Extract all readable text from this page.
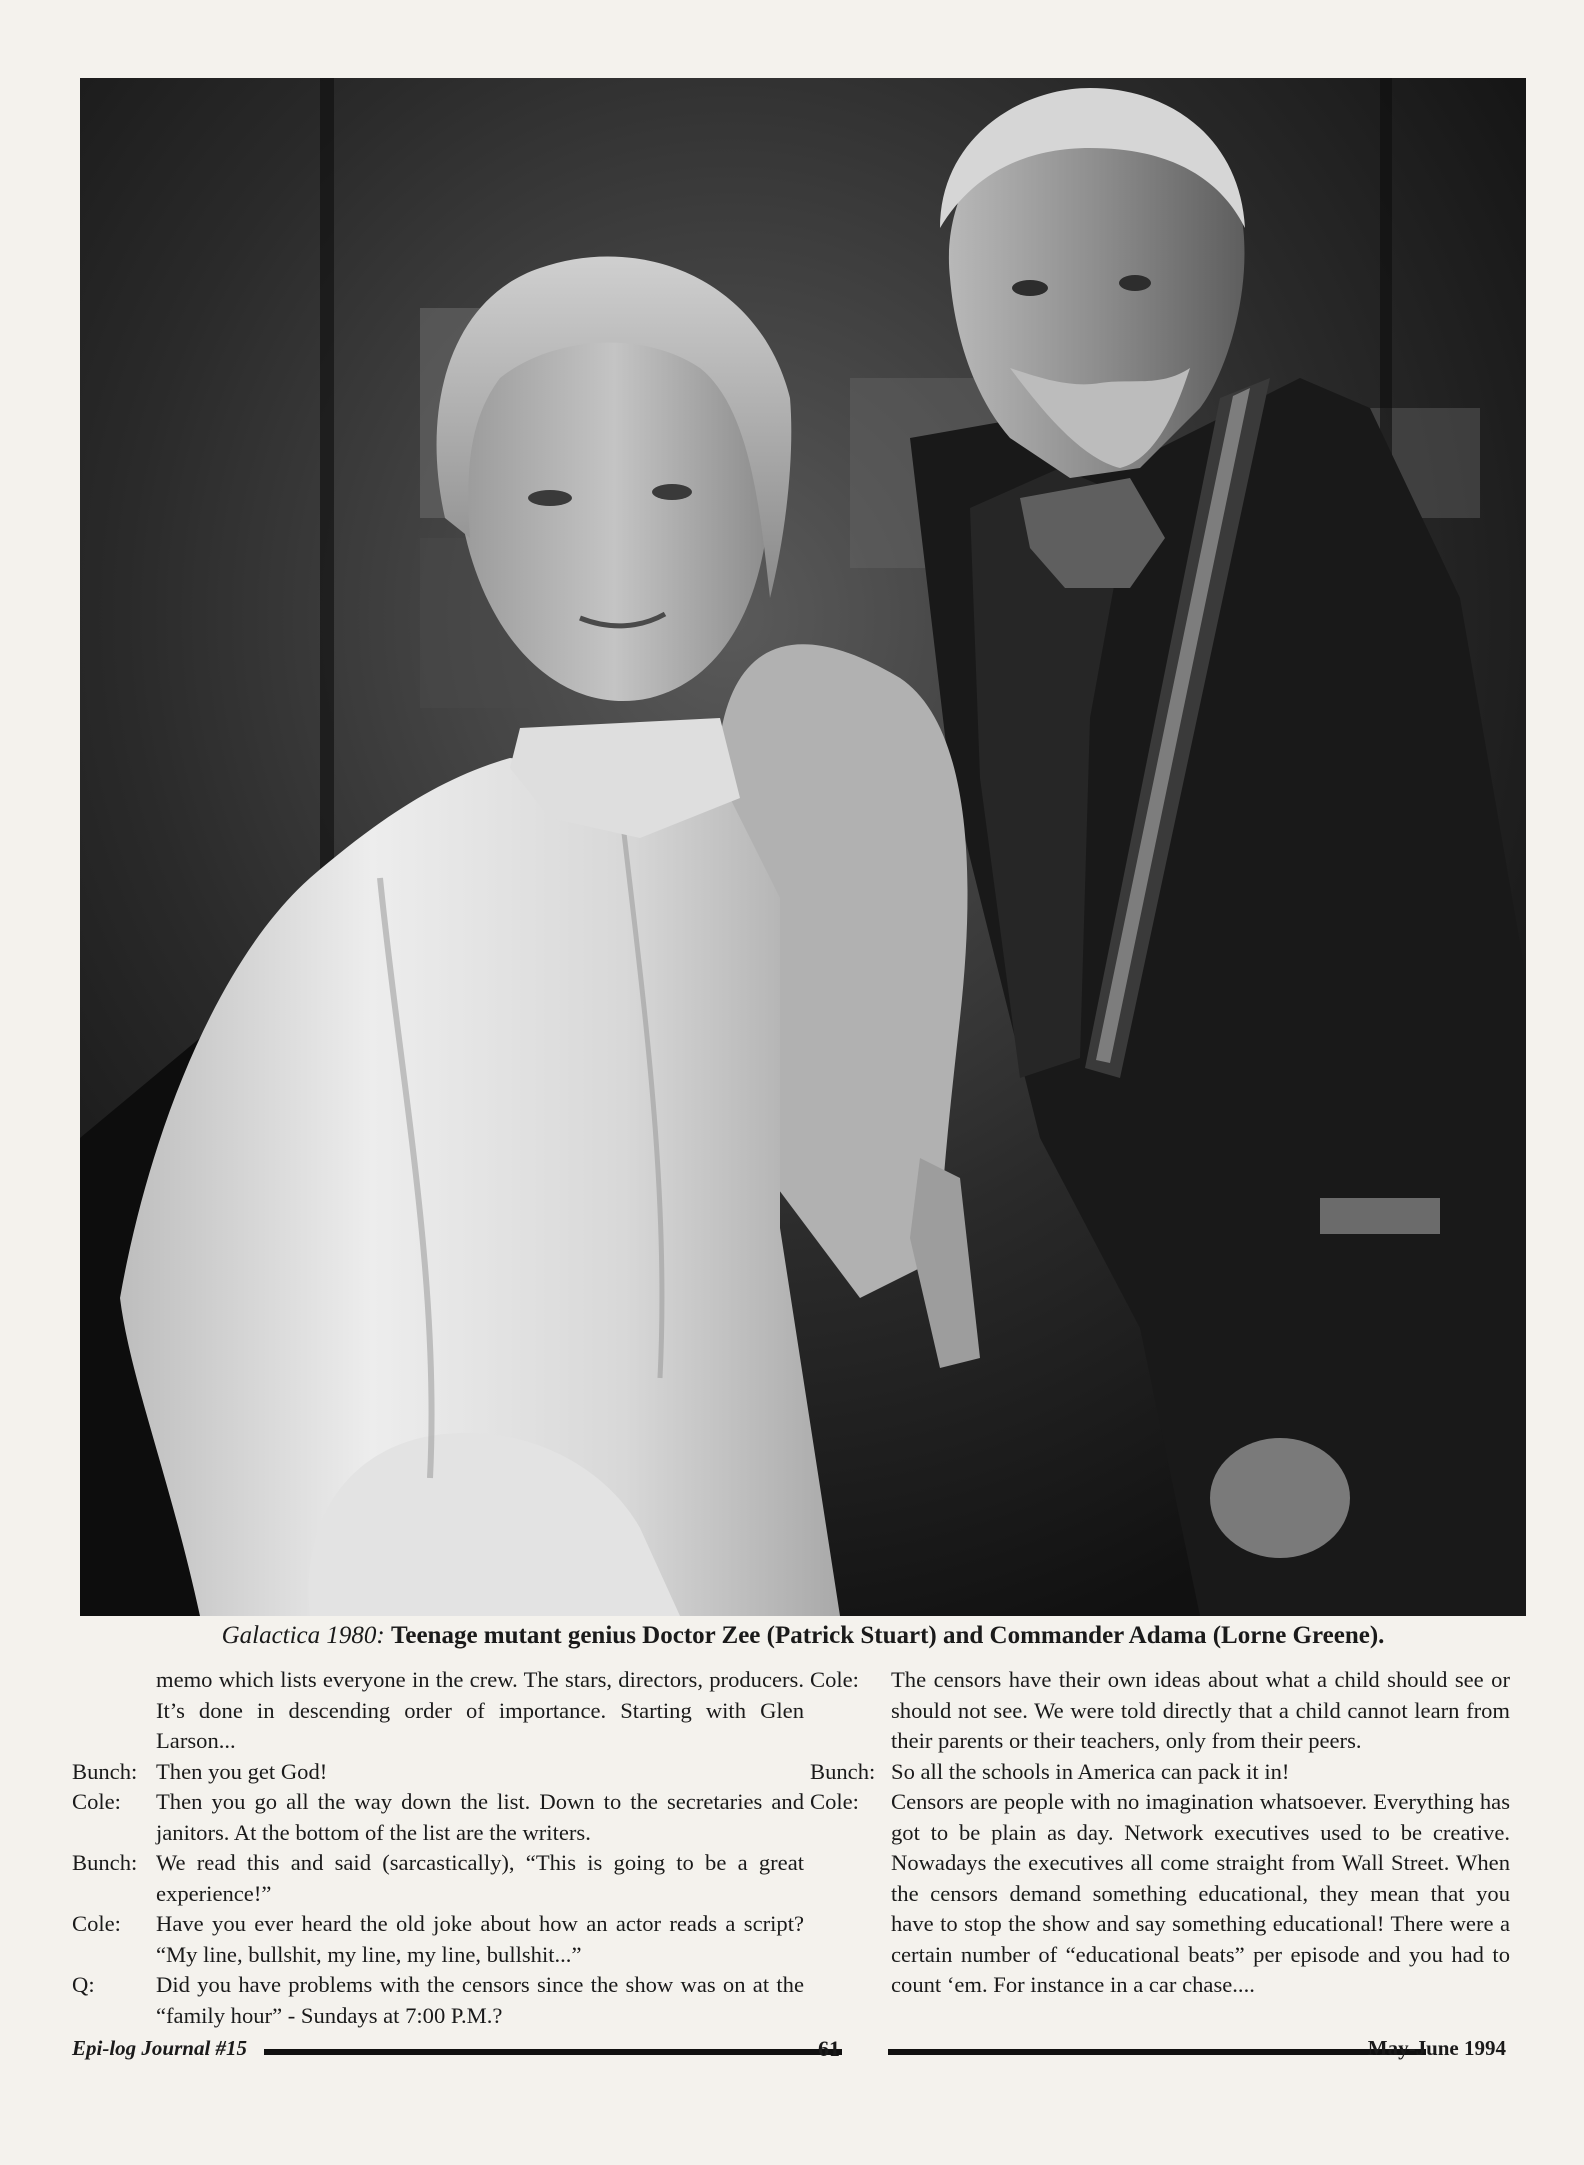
Galactica 1980: Teenage mutant genius Doctor Zee (Patrick Stuart) and Commander Adama (Lorne Greene).
memo which lists everyone in the crew. The stars, directors, producers. It’s done in descending order of importance. Starting with Glen Larson...
Bunch: Then you get God!
Cole:	Then you go all the way down the list. Down to the secretaries and janitors. At the bottom of the list are the writers.
Bunch: We read this and said (sarcastically), “This is going to be a great experience!”
Cole:	Have you ever heard the old joke about how an actor reads a script? “My line, bullshit, my line, my line, bullshit...”
Q:	Did you have problems with the censors since the show was on at the “family hour” - Sundays at 7:00 P.M.?
Cole:	The censors have their own ideas about what a child should see or should not see. We were told directly that a child cannot learn from their parents or their teachers, only from their peers.
Bunch: So all the schools in America can pack it in!
Cole:	Censors are people with no imagination whatsoever. Everything has got to be plain as day. Network executives used to be creative. Nowadays the executives all come straight from Wall Street. When the censors demand something educational, they mean that you have to stop the show and say something educational! There were a certain number of “educational beats” per episode and you had to count ‘em. For instance in a car chase....
Epi-log Journal #15	61	May-June 1994
